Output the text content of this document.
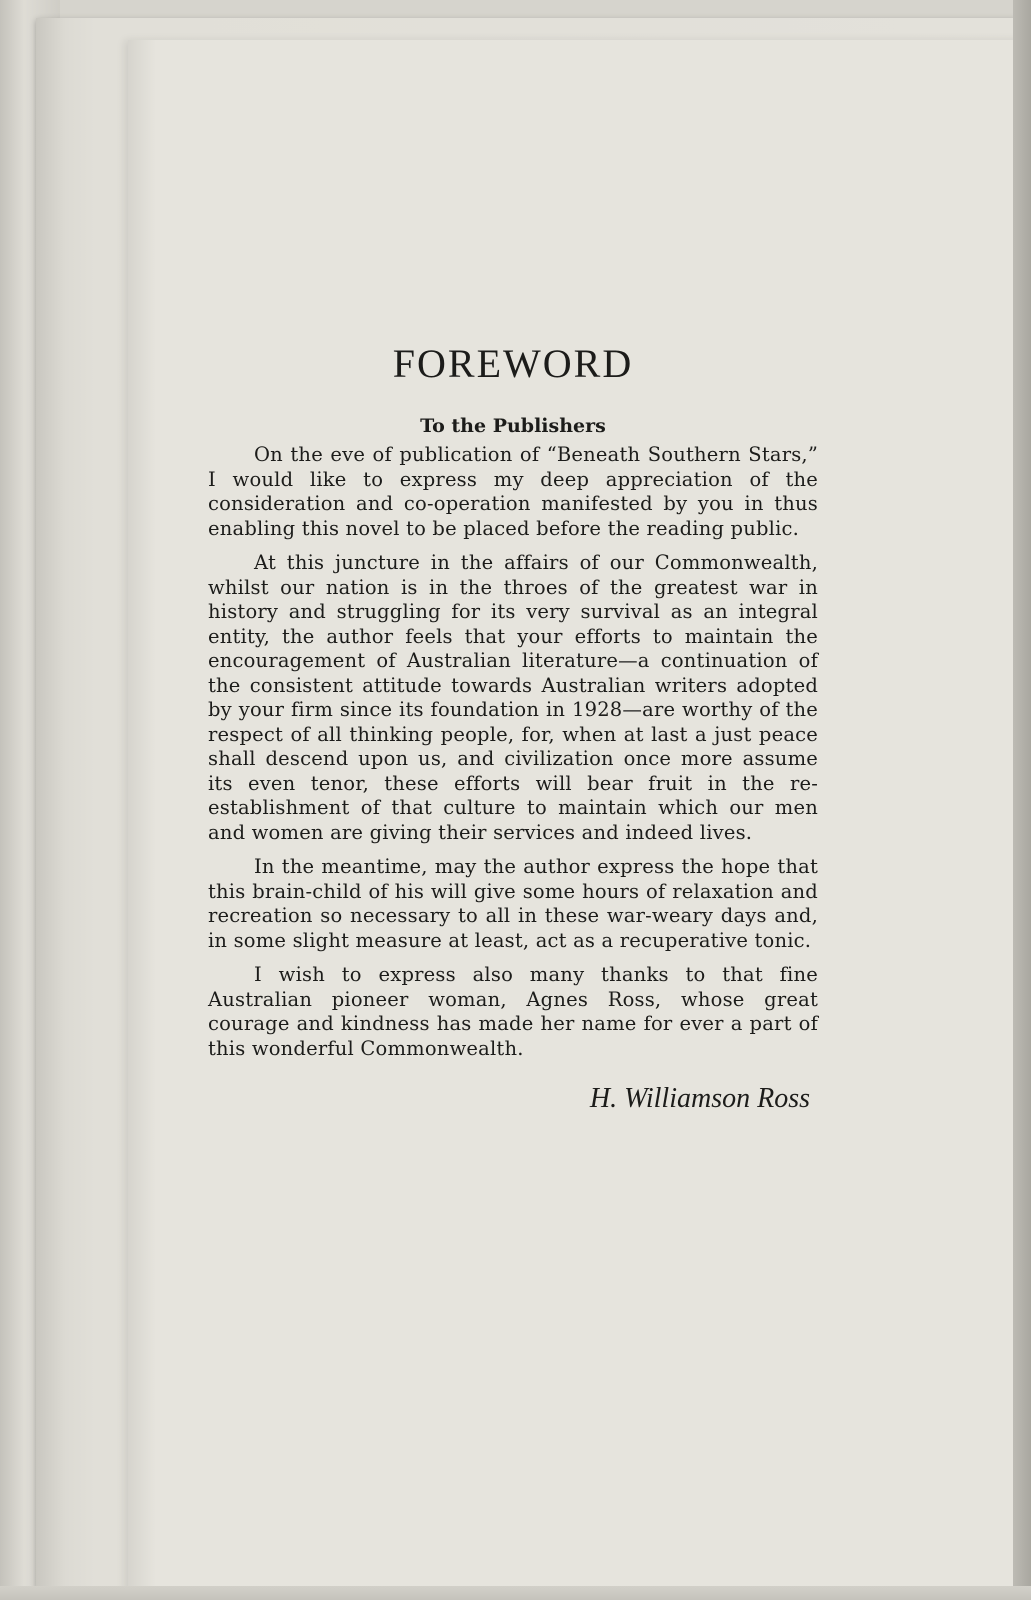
FOREWORD
To the Publishers

On the eve of publication of “Beneath Southern Stars,” I would like to express my deep appreciation of the consideration and co-operation manifested by you in thus enabling this novel to be placed before the reading public.

At this juncture in the affairs of our Commonwealth, whilst our nation is in the throes of the greatest war in history and struggling for its very survival as an integral entity, the author feels that your efforts to maintain the encouragement of Australian literature—a continuation of the consistent attitude towards Australian writers adopted by your firm since its foundation in 1928—are worthy of the respect of all thinking people, for, when at last a just peace shall descend upon us, and civilization once more assume its even tenor, these efforts will bear fruit in the re-establishment of that culture to maintain which our men and women are giving their services and indeed lives.

In the meantime, may the author express the hope that this brain-child of his will give some hours of relaxation and recreation so necessary to all in these war-weary days and, in some slight measure at least, act as a recuperative tonic.

I wish to express also many thanks to that fine Australian pioneer woman, Agnes Ross, whose great courage and kindness has made her name for ever a part of this wonderful Commonwealth.

H. Williamson Ross
